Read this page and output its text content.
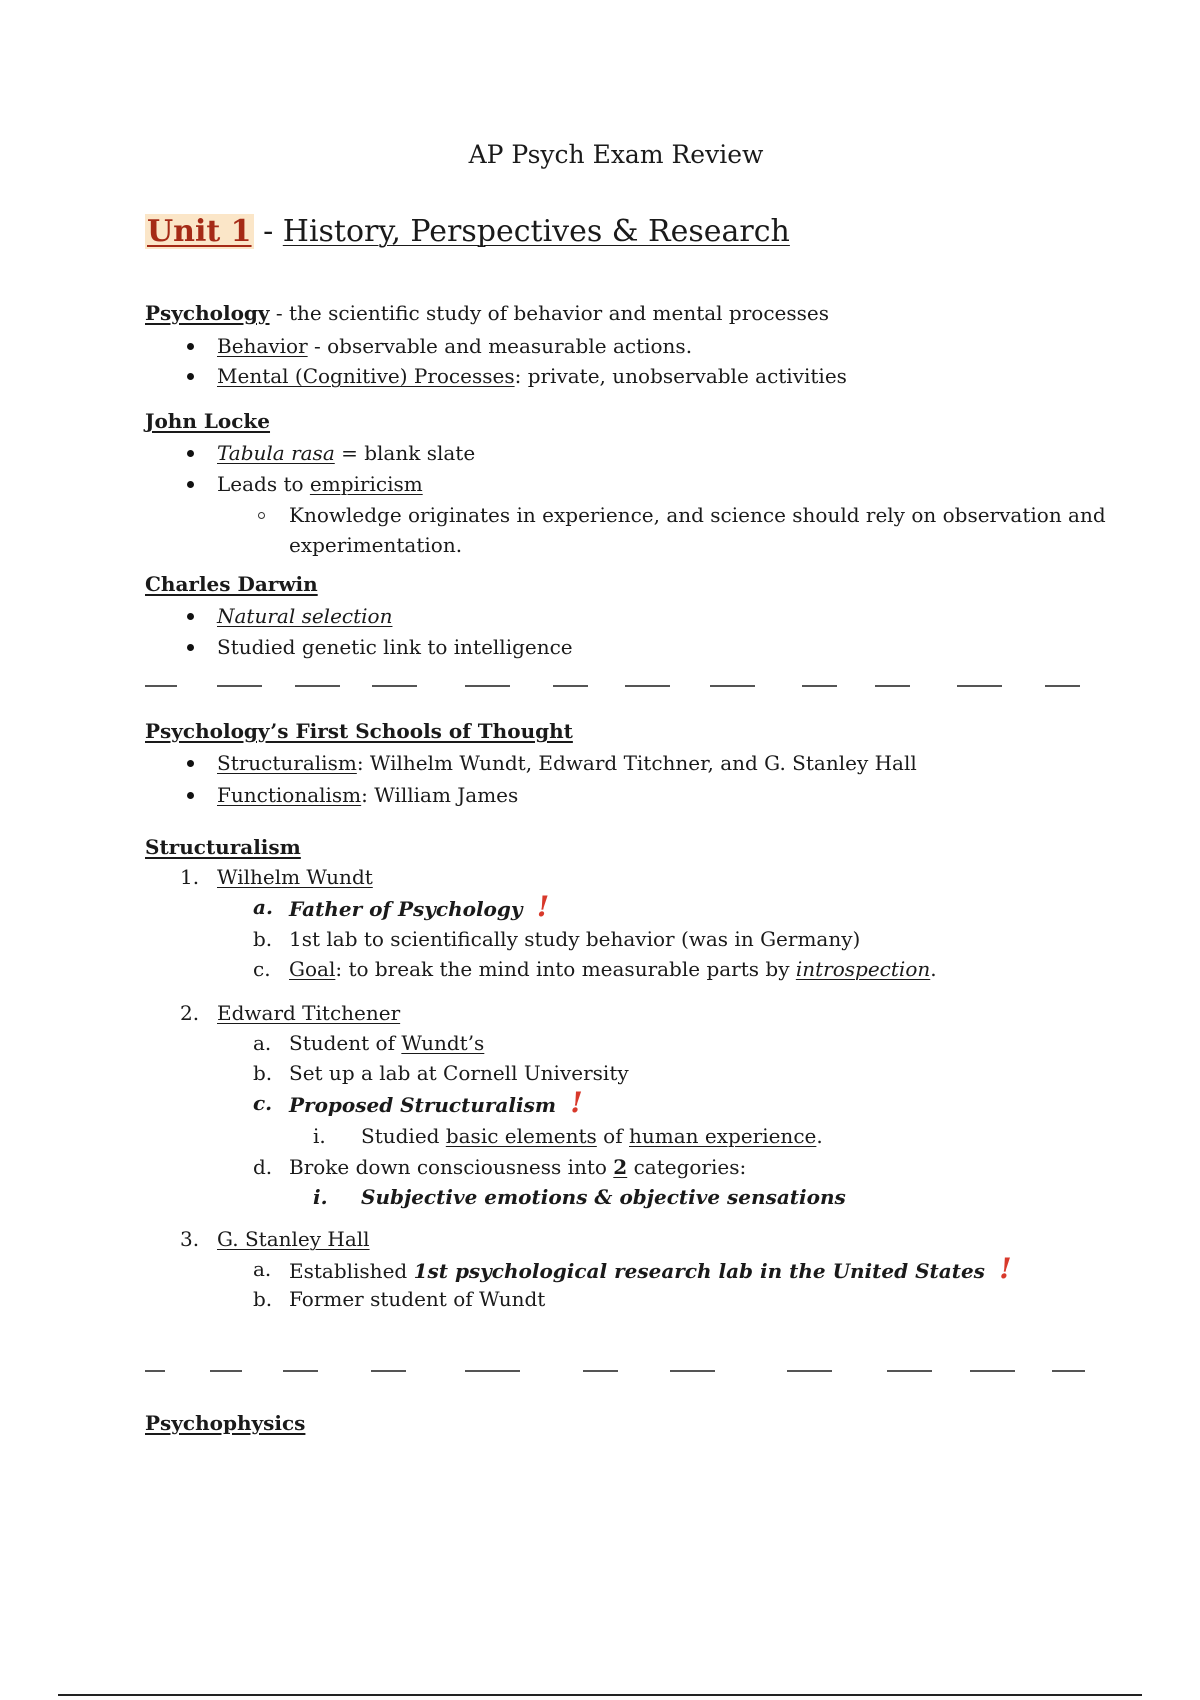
AP Psych Exam Review
Unit 1 - History, Perspectives & Research
Psychology - the scientific study of behavior and mental processes
Behavior - observable and measurable actions.
Mental (Cognitive) Processes: private, unobservable activities
John Locke
Tabula rasa = blank slate
Leads to empiricism
Knowledge originates in experience, and science should rely on observation and
experimentation.
Charles Darwin
Natural selection
Studied genetic link to intelligence
Psychology’s First Schools of Thought
Structuralism: Wilhelm Wundt, Edward Titchner, and G. Stanley Hall
Functionalism: William James
Structuralism
1. Wilhelm Wundt
a. Father of Psychology !
b. 1st lab to scientifically study behavior (was in Germany)
c. Goal: to break the mind into measurable parts by introspection.
2. Edward Titchener
a. Student of Wundt’s
b. Set up a lab at Cornell University
c. Proposed Structuralism !
i. Studied basic elements of human experience.
d. Broke down consciousness into 2 categories:
i. Subjective emotions & objective sensations
3. G. Stanley Hall
a. Established 1st psychological research lab in the United States !
b. Former student of Wundt
Psychophysics
